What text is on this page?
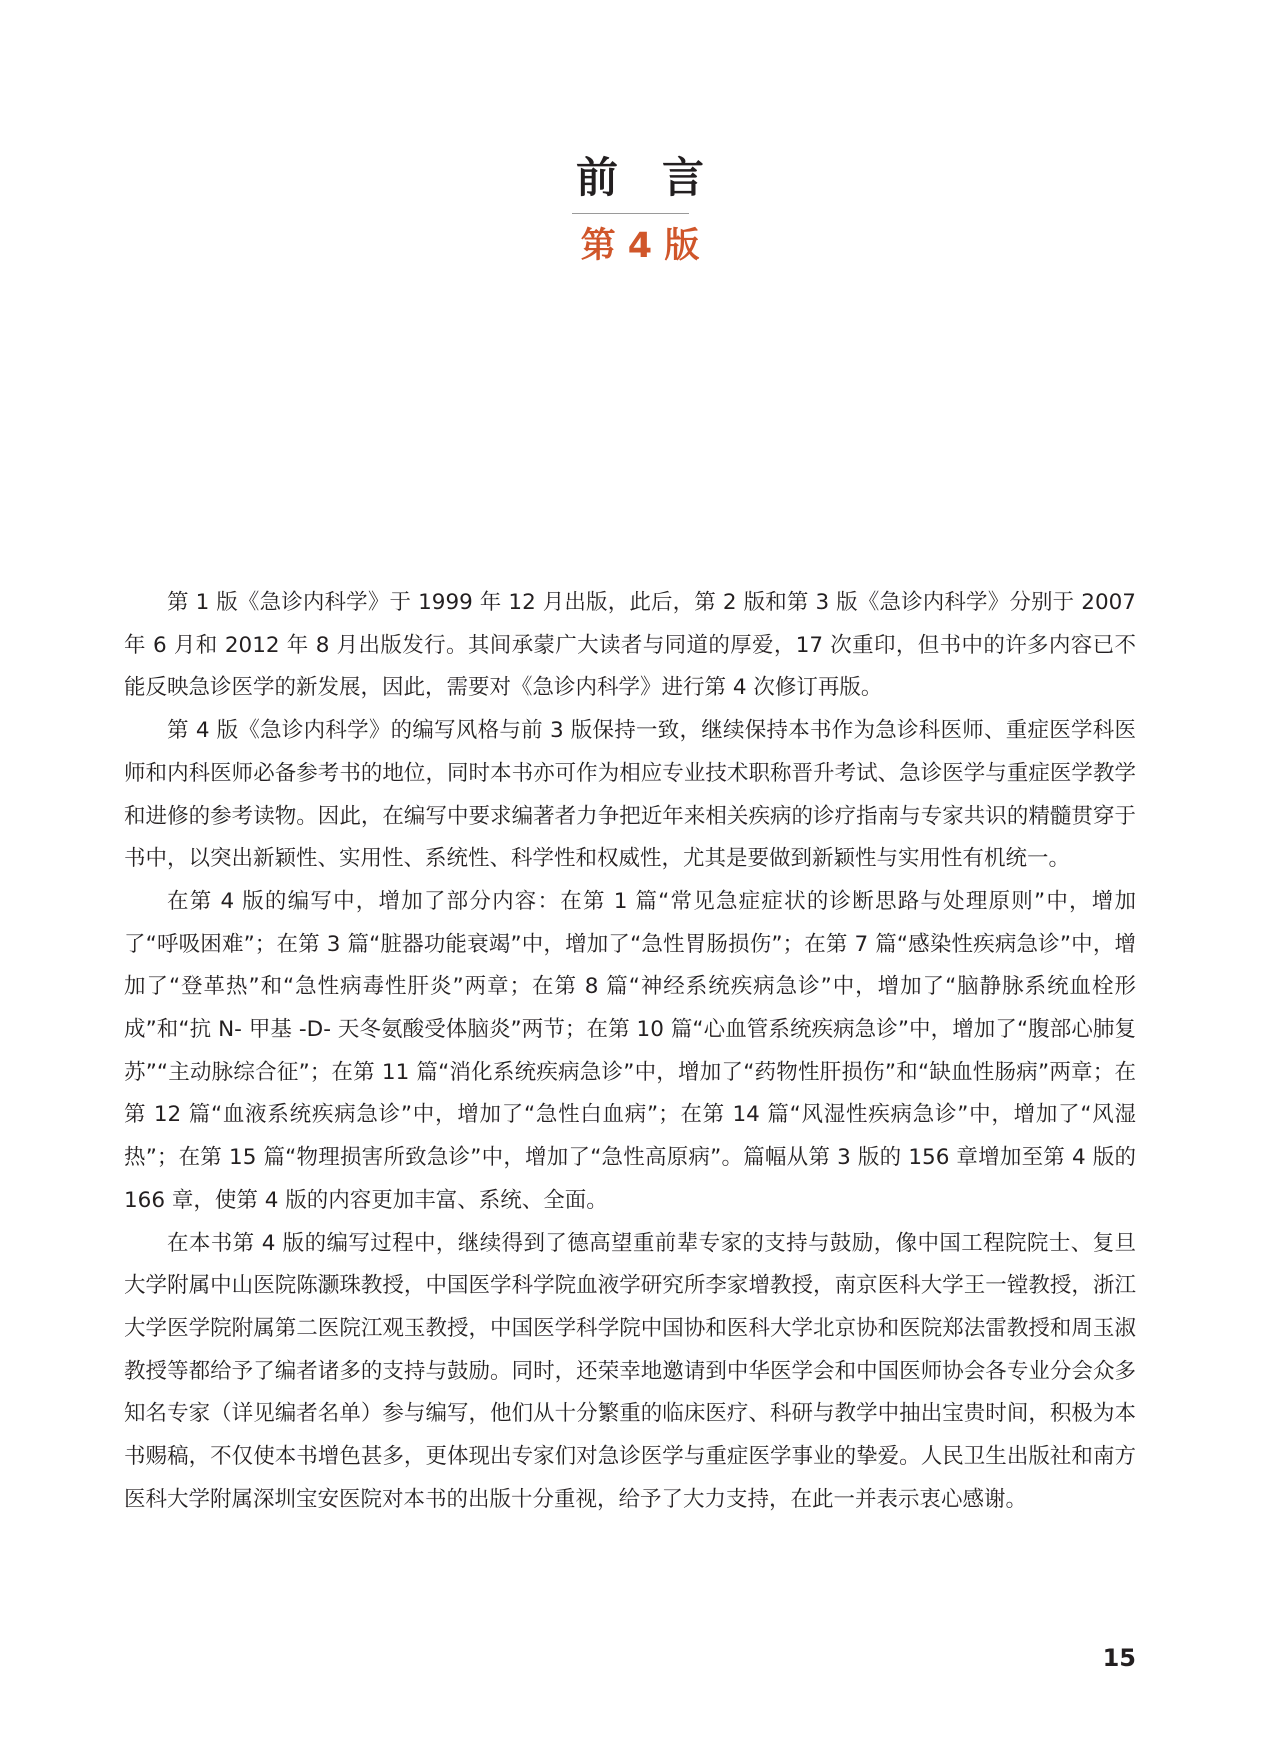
前言
第 4 版

第 1 版《急诊内科学》于 1999 年 12 月出版，此后，第 2 版和第 3 版《急诊内科学》分别于 2007 年 6 月和 2012 年 8 月出版发行。其间承蒙广大读者与同道的厚爱，17 次重印，但书中的许多内容已不能反映急诊医学的新发展，因此，需要对《急诊内科学》进行第 4 次修订再版。

第 4 版《急诊内科学》的编写风格与前 3 版保持一致，继续保持本书作为急诊科医师、重症医学科医师和内科医师必备参考书的地位，同时本书亦可作为相应专业技术职称晋升考试、急诊医学与重症医学教学和进修的参考读物。因此，在编写中要求编著者力争把近年来相关疾病的诊疗指南与专家共识的精髓贯穿于书中，以突出新颖性、实用性、系统性、科学性和权威性，尤其是要做到新颖性与实用性有机统一。

在第 4 版的编写中，增加了部分内容：在第 1 篇“常见急症症状的诊断思路与处理原则”中，增加了“呼吸困难”；在第 3 篇“脏器功能衰竭”中，增加了“急性胃肠损伤”；在第 7 篇“感染性疾病急诊”中，增加了“登革热”和“急性病毒性肝炎”两章；在第 8 篇“神经系统疾病急诊”中，增加了“脑静脉系统血栓形成”和“抗 N- 甲基 -D- 天冬氨酸受体脑炎”两节；在第 10 篇“心血管系统疾病急诊”中，增加了“腹部心肺复苏”“主动脉综合征”；在第 11 篇“消化系统疾病急诊”中，增加了“药物性肝损伤”和“缺血性肠病”两章；在第 12 篇“血液系统疾病急诊”中，增加了“急性白血病”；在第 14 篇“风湿性疾病急诊”中，增加了“风湿热”；在第 15 篇“物理损害所致急诊”中，增加了“急性高原病”。篇幅从第 3 版的 156 章增加至第 4 版的 166 章，使第 4 版的内容更加丰富、系统、全面。

在本书第 4 版的编写过程中，继续得到了德高望重前辈专家的支持与鼓励，像中国工程院院士、复旦大学附属中山医院陈灏珠教授，中国医学科学院血液学研究所李家增教授，南京医科大学王一镗教授，浙江大学医学院附属第二医院江观玉教授，中国医学科学院中国协和医科大学北京协和医院郑法雷教授和周玉淑教授等都给予了编者诸多的支持与鼓励。同时，还荣幸地邀请到中华医学会和中国医师协会各专业分会众多知名专家（详见编者名单）参与编写，他们从十分繁重的临床医疗、科研与教学中抽出宝贵时间，积极为本书赐稿，不仅使本书增色甚多，更体现出专家们对急诊医学与重症医学事业的挚爱。人民卫生出版社和南方医科大学附属深圳宝安医院对本书的出版十分重视，给予了大力支持，在此一并表示衷心感谢。

15
